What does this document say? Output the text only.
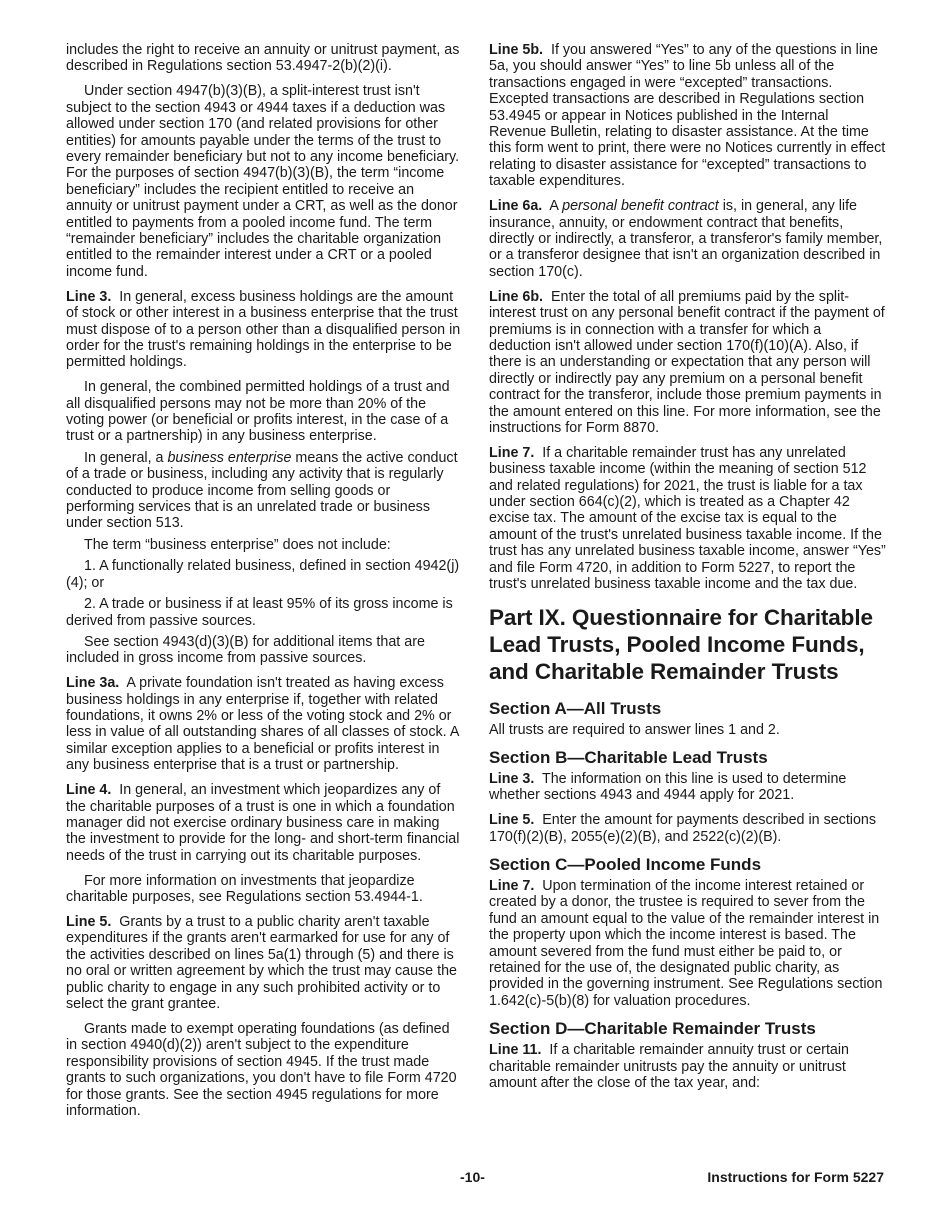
includes the right to receive an annuity or unitrust payment, as described in Regulations section 53.4947-2(b)(2)(i).

Under section 4947(b)(3)(B), a split-interest trust isn't subject to the section 4943 or 4944 taxes if a deduction was allowed under section 170 (and related provisions for other entities) for amounts payable under the terms of the trust to every remainder beneficiary but not to any income beneficiary. For the purposes of section 4947(b)(3)(B), the term “income beneficiary” includes the recipient entitled to receive an annuity or unitrust payment under a CRT, as well as the donor entitled to payments from a pooled income fund. The term “remainder beneficiary” includes the charitable organization entitled to the remainder interest under a CRT or a pooled income fund.

Line 3. In general, excess business holdings are the amount of stock or other interest in a business enterprise that the trust must dispose of to a person other than a disqualified person in order for the trust's remaining holdings in the enterprise to be permitted holdings.

In general, the combined permitted holdings of a trust and all disqualified persons may not be more than 20% of the voting power (or beneficial or profits interest, in the case of a trust or a partnership) in any business enterprise.

In general, a business enterprise means the active conduct of a trade or business, including any activity that is regularly conducted to produce income from selling goods or performing services that is an unrelated trade or business under section 513.

The term “business enterprise” does not include:

1. A functionally related business, defined in section 4942(j)(4); or

2. A trade or business if at least 95% of its gross income is derived from passive sources.

See section 4943(d)(3)(B) for additional items that are included in gross income from passive sources.

Line 3a. A private foundation isn't treated as having excess business holdings in any enterprise if, together with related foundations, it owns 2% or less of the voting stock and 2% or less in value of all outstanding shares of all classes of stock. A similar exception applies to a beneficial or profits interest in any business enterprise that is a trust or partnership.

Line 4. In general, an investment which jeopardizes any of the charitable purposes of a trust is one in which a foundation manager did not exercise ordinary business care in making the investment to provide for the long- and short-term financial needs of the trust in carrying out its charitable purposes.

For more information on investments that jeopardize charitable purposes, see Regulations section 53.4944-1.

Line 5. Grants by a trust to a public charity aren't taxable expenditures if the grants aren't earmarked for use for any of the activities described on lines 5a(1) through (5) and there is no oral or written agreement by which the trust may cause the public charity to engage in any such prohibited activity or to select the grant grantee.

Grants made to exempt operating foundations (as defined in section 4940(d)(2)) aren't subject to the expenditure responsibility provisions of section 4945. If the trust made grants to such organizations, you don't have to file Form 4720 for those grants. See the section 4945 regulations for more information.

Line 5b. If you answered “Yes” to any of the questions in line 5a, you should answer “Yes” to line 5b unless all of the transactions engaged in were “excepted” transactions. Excepted transactions are described in Regulations section 53.4945 or appear in Notices published in the Internal Revenue Bulletin, relating to disaster assistance. At the time this form went to print, there were no Notices currently in effect relating to disaster assistance for “excepted” transactions to taxable expenditures.

Line 6a. A personal benefit contract is, in general, any life insurance, annuity, or endowment contract that benefits, directly or indirectly, a transferor, a transferor's family member, or a transferor designee that isn't an organization described in section 170(c).

Line 6b. Enter the total of all premiums paid by the split-interest trust on any personal benefit contract if the payment of premiums is in connection with a transfer for which a deduction isn't allowed under section 170(f)(10)(A). Also, if there is an understanding or expectation that any person will directly or indirectly pay any premium on a personal benefit contract for the transferor, include those premium payments in the amount entered on this line. For more information, see the instructions for Form 8870.

Line 7. If a charitable remainder trust has any unrelated business taxable income (within the meaning of section 512 and related regulations) for 2021, the trust is liable for a tax under section 664(c)(2), which is treated as a Chapter 42 excise tax. The amount of the excise tax is equal to the amount of the trust's unrelated business taxable income. If the trust has any unrelated business taxable income, answer “Yes” and file Form 4720, in addition to Form 5227, to report the trust's unrelated business taxable income and the tax due.

Part IX. Questionnaire for Charitable Lead Trusts, Pooled Income Funds, and Charitable Remainder Trusts
Section A—All Trusts

All trusts are required to answer lines 1 and 2.

Section B—Charitable Lead Trusts

Line 3. The information on this line is used to determine whether sections 4943 and 4944 apply for 2021.

Line 5. Enter the amount for payments described in sections 170(f)(2)(B), 2055(e)(2)(B), and 2522(c)(2)(B).

Section C—Pooled Income Funds

Line 7. Upon termination of the income interest retained or created by a donor, the trustee is required to sever from the fund an amount equal to the value of the remainder interest in the property upon which the income interest is based. The amount severed from the fund must either be paid to, or retained for the use of, the designated public charity, as provided in the governing instrument. See Regulations section 1.642(c)-5(b)(8) for valuation procedures.

Section D—Charitable Remainder Trusts

Line 11. If a charitable remainder annuity trust or certain charitable remainder unitrusts pay the annuity or unitrust amount after the close of the tax year, and:

-10-	Instructions for Form 5227
